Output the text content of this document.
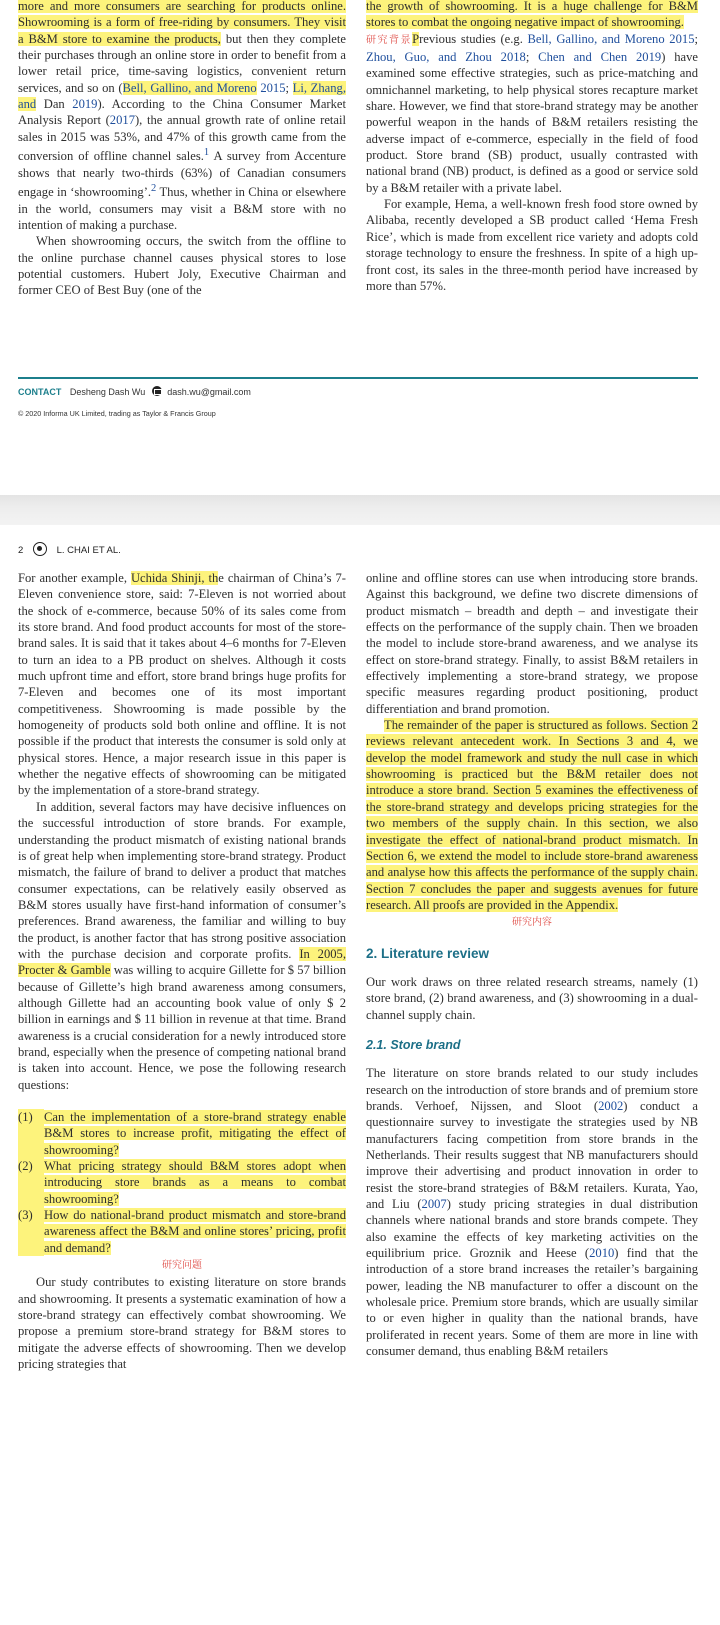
more and more consumers are searching for products online. Showrooming is a form of free-riding by consumers. They visit a B&M store to examine the products, but then they complete their purchases through an online store in order to benefit from a lower retail price, time-saving logistics, convenient return services, and so on (Bell, Gallino, and Moreno 2015; Li, Zhang, and Dan 2019). According to the China Consumer Market Analysis Report (2017), the annual growth rate of online retail sales in 2015 was 53%, and 47% of this growth came from the conversion of offline channel sales.$^1$ A survey from Accenture shows that nearly two-thirds (63%) of Canadian consumers engage in ‘showrooming’.$^2$ Thus, whether in China or elsewhere in the world, consumers may visit a B&M store with no intention of making a purchase.

When showrooming occurs, the switch from the offline to the online purchase channel causes physical stores to lose potential customers. Hubert Joly, Executive Chairman and former CEO of Best Buy (one of the

the growth of showrooming. It is a huge challenge for B&M stores to combat the ongoing negative impact of showrooming.

研究背景Previous studies (e.g. Bell, Gallino, and Moreno 2015; Zhou, Guo, and Zhou 2018; Chen and Chen 2019) have examined some effective strategies, such as price-matching and omnichannel marketing, to help physical stores recapture market share. However, we find that store-brand strategy may be another powerful weapon in the hands of B&M retailers resisting the adverse impact of e-commerce, especially in the field of food product. Store brand (SB) product, usually contrasted with national brand (NB) product, is defined as a good or service sold by a B&M retailer with a private label.

For example, Hema, a well-known fresh food store owned by Alibaba, recently developed a SB product called ‘Hema Fresh Rice’, which is made from excellent rice variety and adopts cold storage technology to ensure the freshness. In spite of a high up-front cost, its sales in the three-month period have increased by more than 57%.

CONTACT Desheng Dash Wu dash.wu@gmail.com
© 2020 Informa UK Limited, trading as Taylor & Francis Group
2	L. CHAI ET AL.

For another example, Uchida Shinji, the chairman of China’s 7-Eleven convenience store, said: 7-Eleven is not worried about the shock of e-commerce, because 50% of its sales come from its store brand. And food product accounts for most of the store-brand sales. It is said that it takes about 4–6 months for 7-Eleven to turn an idea to a PB product on shelves. Although it costs much upfront time and effort, store brand brings huge profits for 7-Eleven and becomes one of its most important competitiveness. Showrooming is made possible by the homogeneity of products sold both online and offline. It is not possible if the product that interests the consumer is sold only at physical stores. Hence, a major research issue in this paper is whether the negative effects of showrooming can be mitigated by the implementation of a store-brand strategy.

In addition, several factors may have decisive influences on the successful introduction of store brands. For example, understanding the product mismatch of existing national brands is of great help when implementing store-brand strategy. Product mismatch, the failure of brand to deliver a product that matches consumer expectations, can be relatively easily observed as B&M stores usually have first-hand information of consumer’s preferences. Brand awareness, the familiar and willing to buy the product, is another factor that has strong positive association with the purchase decision and corporate profits. In 2005, Procter & Gamble was willing to acquire Gillette for $ 57 billion because of Gillette’s high brand awareness among consumers, although Gillette had an accounting book value of only $ 2 billion in earnings and $ 11 billion in revenue at that time. Brand awareness is a crucial consideration for a newly introduced store brand, especially when the presence of competing national brand is taken into account. Hence, we pose the following research questions:

(1) Can the implementation of a store-brand strategy enable B&M stores to increase profit, mitigating the effect of showrooming?
(2) What pricing strategy should B&M stores adopt when introducing store brands as a means to combat showrooming?
(3) How do national-brand product mismatch and store-brand awareness affect the B&M and online stores’ pricing, profit and demand?

研究问题

Our study contributes to existing literature on store brands and showrooming. It presents a systematic examination of how a store-brand strategy can effectively combat showrooming. We propose a premium store-brand strategy for B&M stores to mitigate the adverse effects of showrooming. Then we develop pricing strategies that

online and offline stores can use when introducing store brands. Against this background, we define two discrete dimensions of product mismatch – breadth and depth – and investigate their effects on the performance of the supply chain. Then we broaden the model to include store-brand awareness, and we analyse its effect on store-brand strategy. Finally, to assist B&M retailers in effectively implementing a store-brand strategy, we propose specific measures regarding product positioning, product differentiation and brand promotion.

The remainder of the paper is structured as follows. Section 2 reviews relevant antecedent work. In Sections 3 and 4, we develop the model framework and study the null case in which showrooming is practiced but the B&M retailer does not introduce a store brand. Section 5 examines the effectiveness of the store-brand strategy and develops pricing strategies for the two members of the supply chain. In this section, we also investigate the effect of national-brand product mismatch. In Section 6, we extend the model to include store-brand awareness and analyse how this affects the performance of the supply chain. Section 7 concludes the paper and suggests avenues for future research. All proofs are provided in the Appendix.

研究内容

2. Literature review

Our work draws on three related research streams, namely (1) store brand, (2) brand awareness, and (3) showrooming in a dual-channel supply chain.

2.1. Store brand

The literature on store brands related to our study includes research on the introduction of store brands and of premium store brands. Verhoef, Nijssen, and Sloot (2002) conduct a questionnaire survey to investigate the strategies used by NB manufacturers facing competition from store brands in the Netherlands. Their results suggest that NB manufacturers should improve their advertising and product innovation in order to resist the store-brand strategies of B&M retailers. Kurata, Yao, and Liu (2007) study pricing strategies in dual distribution channels where national brands and store brands compete. They also examine the effects of key marketing activities on the equilibrium price. Groznik and Heese (2010) find that the introduction of a store brand increases the retailer’s bargaining power, leading the NB manufacturer to offer a discount on the wholesale price. Premium store brands, which are usually similar to or even higher in quality than the national brands, have proliferated in recent years. Some of them are more in line with consumer demand, thus enabling B&M retailers
